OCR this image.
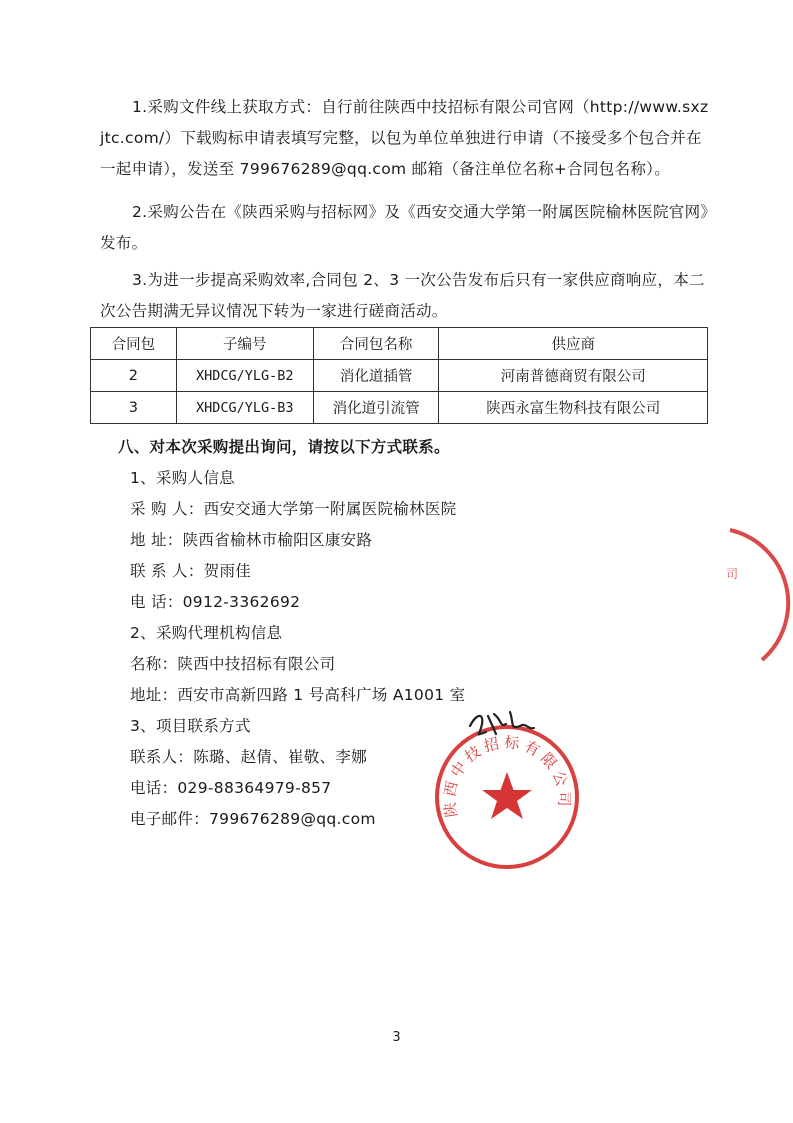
1.采购文件线上获取方式：自行前往陕西中技招标有限公司官网（http://www.sxz
jtc.com/）下载购标申请表填写完整，以包为单位单独进行申请（不接受多个包合并在
一起申请），发送至 799676289@qq.com 邮箱（备注单位名称+合同包名称）。
2.采购公告在《陕西采购与招标网》及《西安交通大学第一附属医院榆林医院官网》
发布。
3.为进一步提高采购效率,合同包 2、3 一次公告发布后只有一家供应商响应，本二
次公告期满无异议情况下转为一家进行磋商活动。
合同包	子编号	合同包名称	供应商
2	XHDCG/YLG-B2	消化道插管	河南普德商贸有限公司
3	XHDCG/YLG-B3	消化道引流管	陕西永富生物科技有限公司
八、对本次采购提出询问，请按以下方式联系。
1、采购人信息
采 购 人：西安交通大学第一附属医院榆林医院
地 址：陕西省榆林市榆阳区康安路
联 系 人：贺雨佳
电 话：0912-3362692
2、采购代理机构信息
名称：陕西中技招标有限公司
地址：西安市高新四路 1 号高科广场 A1001 室
3、项目联系方式
联系人：陈璐、赵倩、崔敬、李娜
电话：029-88364979-857
电子邮件：799676289@qq.com
司
陕西中技招标有限公司
3
